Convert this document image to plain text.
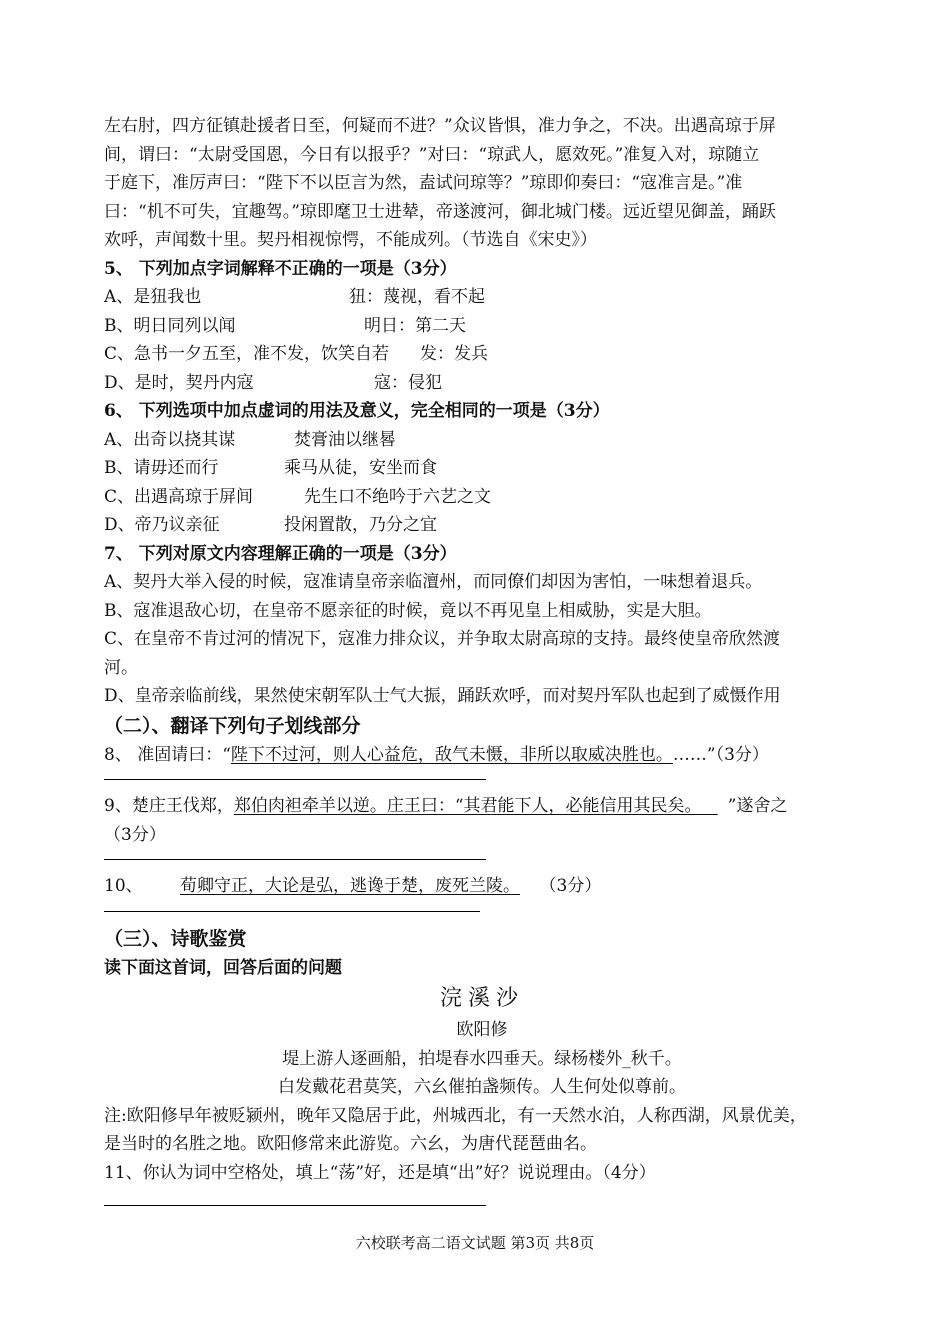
左右肘，四方征镇赴援者日至，何疑而不进？”众议皆惧，准力争之，不决。出遇高琼于屏
间，谓曰：“太尉受国恩，今日有以报乎？”对曰：“琼武人，愿效死。”准复入对，琼随立
于庭下，准厉声曰：“陛下不以臣言为然，盍试问琼等？”琼即仰奏曰：“寇准言是。”准
曰：“机不可失，宜趣驾。”琼即麾卫士进辇，帝遂渡河，御北城门楼。远近望见御盖，踊跃
欢呼，声闻数十里。契丹相视惊愕，不能成列。（节选自《宋史》）
5、 下列加点字词解释不正确的一项是（3分）
A、是狃我也	狃：蔑视，看不起
B、明日同列以闻	明日：第二天
C、急书一夕五至，准不发，饮笑自若 发：发兵
D、是时，契丹内寇	寇：侵犯
6、 下列选项中加点虚词的用法及意义，完全相同的一项是（3分）
A、出奇以挠其谋	焚膏油以继晷
B、请毋还而行	乘马从徒，安坐而食
C、出遇高琼于屏间	先生口不绝吟于六艺之文
D、帝乃议亲征	投闲置散，乃分之宜
7、 下列对原文内容理解正确的一项是（3分）
A、契丹大举入侵的时候，寇准请皇帝亲临澶州，而同僚们却因为害怕，一味想着退兵。
B、寇准退敌心切，在皇帝不愿亲征的时候，竟以不再见皇上相威胁，实是大胆。
C、在皇帝不肯过河的情况下，寇准力排众议，并争取太尉高琼的支持。最终使皇帝欣然渡
河。
D、皇帝亲临前线，果然使宋朝军队士气大振，踊跃欢呼，而对契丹军队也起到了威慑作用
（二）、翻译下列句子划线部分
8、 准固请曰：“陛下不过河，则人心益危，敌气未慑，非所以取威决胜也。……”（3分）
9、楚庄王伐郑，郑伯肉袒牵羊以逆。庄王曰：“其君能下人，必能信用其民矣。 ”遂舍之
（3分）
10、 荀卿守正，大论是弘，逃谗于楚，废死兰陵。 （3分）
（三）、诗歌鉴赏
读下面这首词，回答后面的问题
浣溪沙
欧阳修
堤上游人逐画船，拍堤春水四垂天。绿杨楼外_秋千。
白发戴花君莫笑，六幺催拍盏频传。人生何处似尊前。
注:欧阳修早年被贬颍州，晚年又隐居于此，州城西北，有一天然水泊，人称西湖，风景优美，
是当时的名胜之地。欧阳修常来此游览。六幺，为唐代琵琶曲名。
11、你认为词中空格处，填上“荡”好，还是填“出”好？说说理由。（4分）
六校联考高二语文试题 第3页 共8页
